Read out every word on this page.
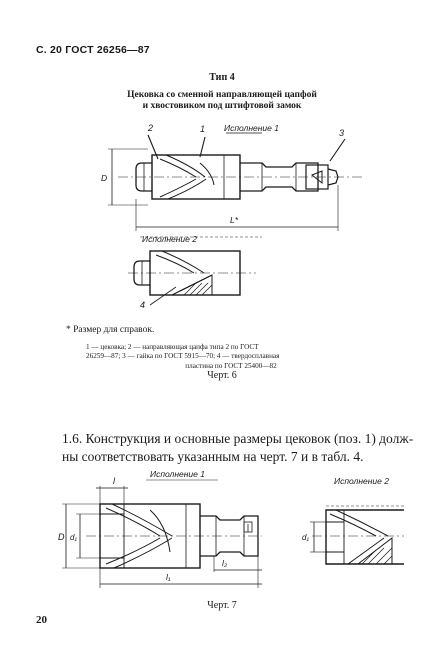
С. 20 ГОСТ 26256—87
Тип 4
Цековка со сменной направляющей цапфой
и хвостовиком под штифтовой замок
2	1 Исполнение 1	3
D
L*
Исполнение 2
4
* Размер для справок.

1 — цековка; 2 — направляющая цапфа типа 2 по ГОСТ

26259—87; 3 — гайка по ГОСТ 5915—70; 4 — твердосплавная

пластина по ГОСТ 25400—82

Черт. 6

1.6. Конструкция и основные размеры цековок (поз. 1) долж-

ны соответствовать указанным на черт. 7 и в табл. 4.

Исполнение 1
Исполнение 2
l
D d₁	d₁
l₂
l₁
Черт. 7
20
